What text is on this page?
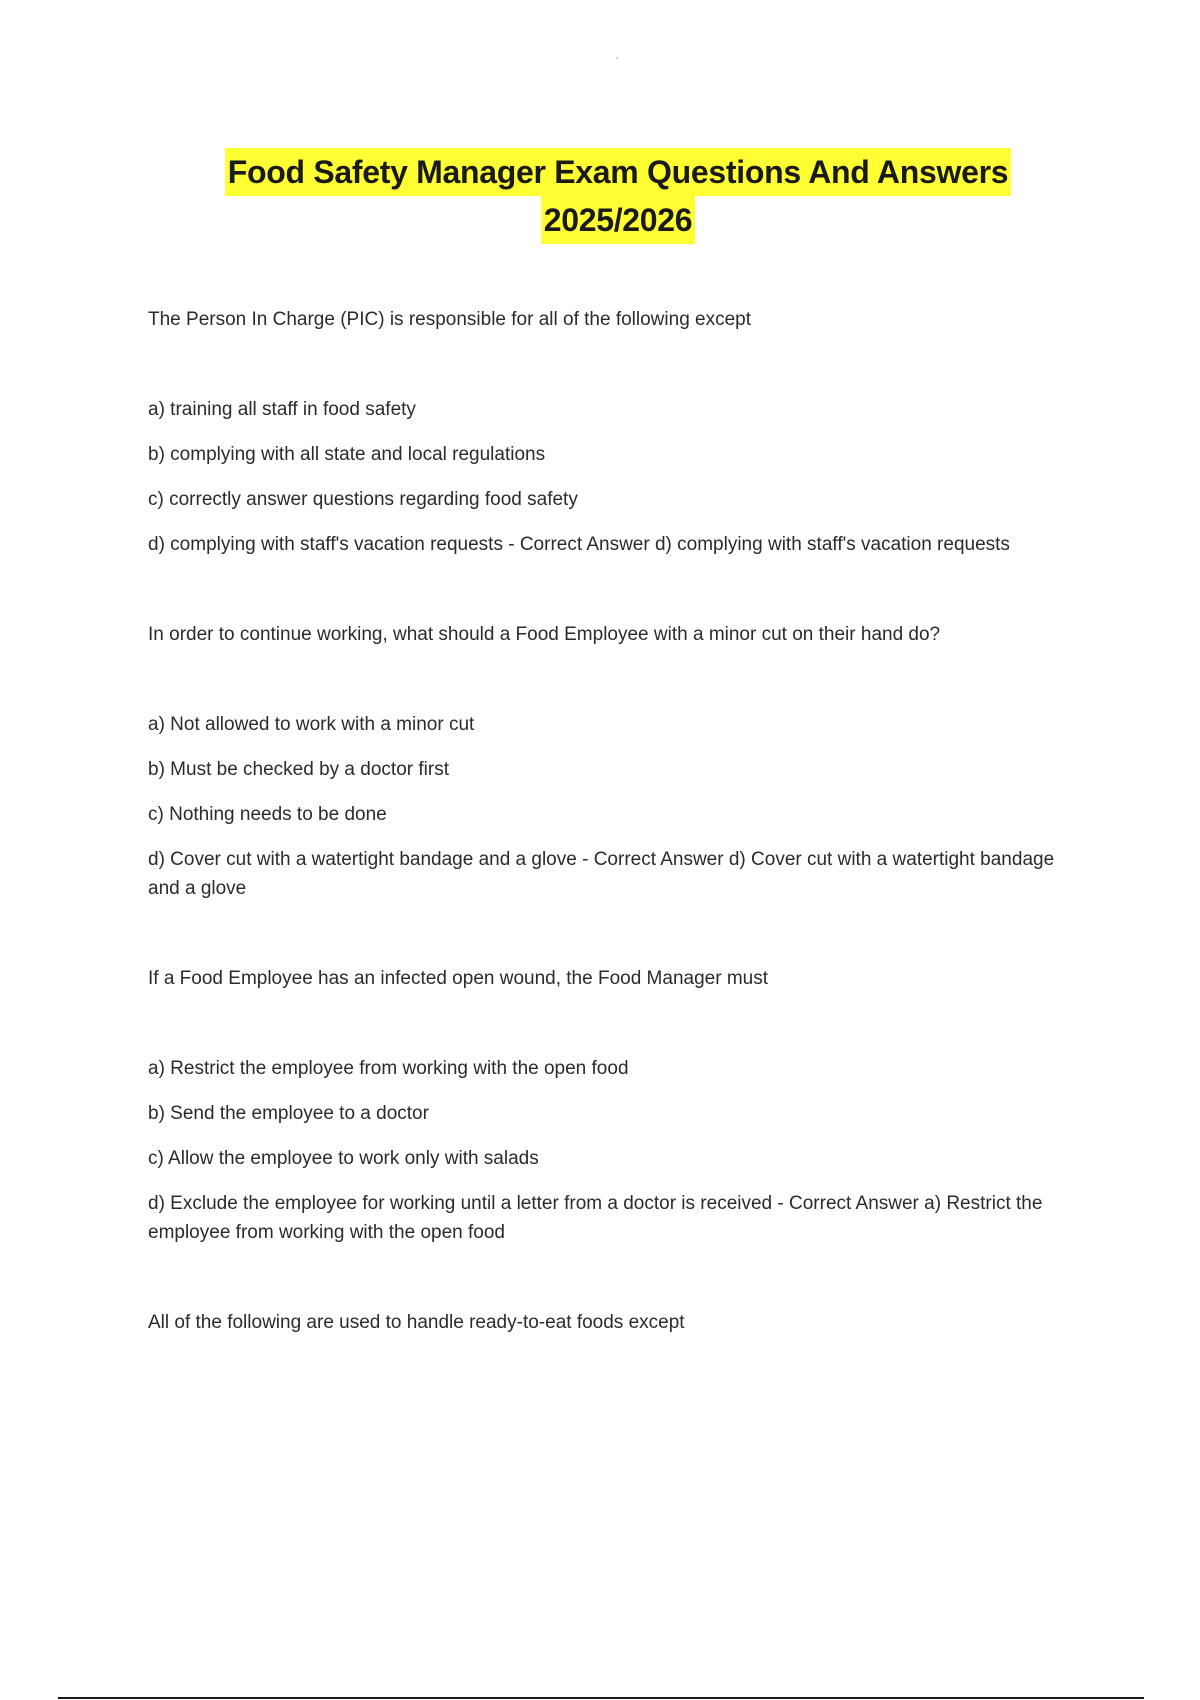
Food Safety Manager Exam Questions And Answers
2025/2026

The Person In Charge (PIC) is responsible for all of the following except

a) training all staff in food safety

b) complying with all state and local regulations

c) correctly answer questions regarding food safety

d) complying with staff's vacation requests - Correct Answer d) complying with staff's vacation requests

In order to continue working, what should a Food Employee with a minor cut on their hand do?

a) Not allowed to work with a minor cut

b) Must be checked by a doctor first

c) Nothing needs to be done

d) Cover cut with a watertight bandage and a glove - Correct Answer d) Cover cut with a watertight bandage and a glove

If a Food Employee has an infected open wound, the Food Manager must

a) Restrict the employee from working with the open food

b) Send the employee to a doctor

c) Allow the employee to work only with salads

d) Exclude the employee for working until a letter from a doctor is received - Correct Answer a) Restrict the employee from working with the open food

All of the following are used to handle ready-to-eat foods except
